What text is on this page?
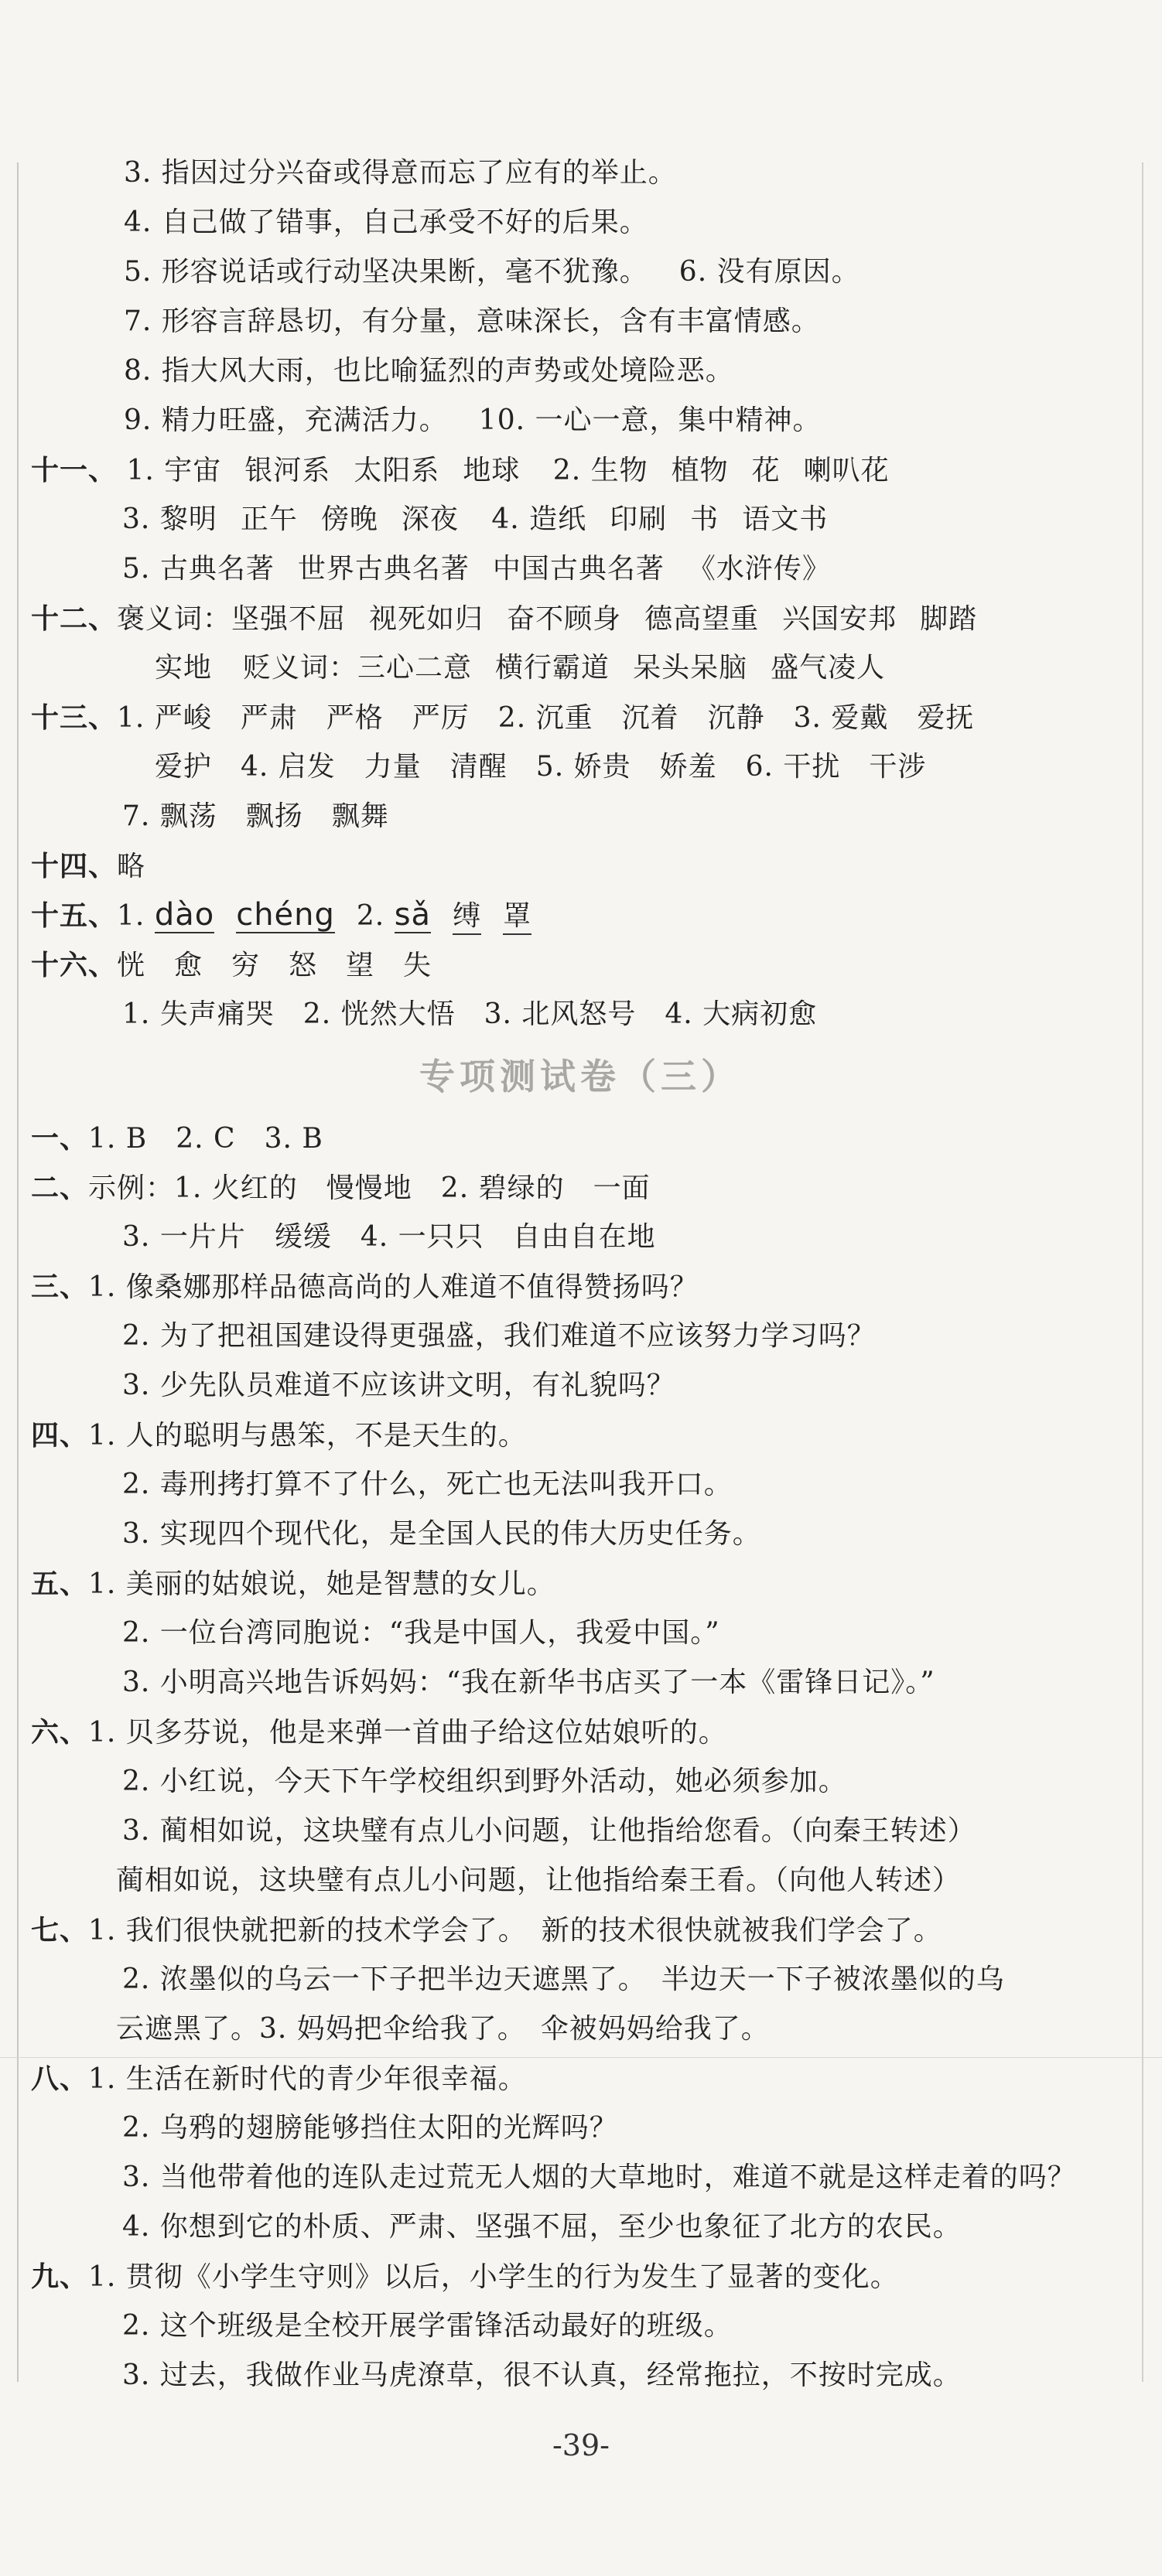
3. 指因过分兴奋或得意而忘了应有的举止。
4. 自己做了错事，自己承受不好的后果。
5. 形容说话或行动坚决果断，毫不犹豫。 6. 没有原因。
7. 形容言辞恳切，有分量，意味深长，含有丰富情感。
8. 指大风大雨，也比喻猛烈的声势或处境险恶。
9. 精力旺盛，充满活力。 10. 一心一意，集中精神。
十一、 1. 宇宙 银河系 太阳系 地球 2. 生物 植物 花 喇叭花
3. 黎明 正午 傍晚 深夜 4. 造纸 印刷 书 语文书
5. 古典名著 世界古典名著 中国古典名著 《水浒传》
十二、褒义词：坚强不屈 视死如归 奋不顾身 德高望重 兴国安邦 脚踏
实地 贬义词：三心二意 横行霸道 呆头呆脑 盛气凌人
十三、1. 严峻　严肃　严格　严厉　2. 沉重　沉着　沉静　3. 爱戴　爱抚
爱护　4. 启发　力量　清醒　5. 娇贵　娇羞　6. 干扰　干涉
7. 飘荡　飘扬　飘舞
十四、略
十五、1. dào chéng 2. sǎ 缚 罩
十六、恍　愈　穷　怒　望　失
1. 失声痛哭　2. 恍然大悟　3. 北风怒号　4. 大病初愈
专项测试卷（三）
一、1. B　2. C　3. B
二、示例：1. 火红的　慢慢地　2. 碧绿的　一面
3. 一片片　缓缓　4. 一只只　自由自在地
三、1. 像桑娜那样品德高尚的人难道不值得赞扬吗？
2. 为了把祖国建设得更强盛，我们难道不应该努力学习吗？
3. 少先队员难道不应该讲文明，有礼貌吗？
四、1. 人的聪明与愚笨，不是天生的。
2. 毒刑拷打算不了什么，死亡也无法叫我开口。
3. 实现四个现代化，是全国人民的伟大历史任务。
五、1. 美丽的姑娘说，她是智慧的女儿。
2. 一位台湾同胞说：“我是中国人，我爱中国。”
3. 小明高兴地告诉妈妈：“我在新华书店买了一本《雷锋日记》。”
六、1. 贝多芬说，他是来弹一首曲子给这位姑娘听的。
2. 小红说，今天下午学校组织到野外活动，她必须参加。
3. 蔺相如说，这块璧有点儿小问题，让他指给您看。（向秦王转述）
蔺相如说，这块璧有点儿小问题，让他指给秦王看。（向他人转述）
七、1. 我们很快就把新的技术学会了。　新的技术很快就被我们学会了。
2. 浓墨似的乌云一下子把半边天遮黑了。　半边天一下子被浓墨似的乌
云遮黑了。3. 妈妈把伞给我了。　伞被妈妈给我了。
八、1. 生活在新时代的青少年很幸福。
2. 乌鸦的翅膀能够挡住太阳的光辉吗？
3. 当他带着他的连队走过荒无人烟的大草地时，难道不就是这样走着的吗？
4. 你想到它的朴质、严肃、坚强不屈，至少也象征了北方的农民。
九、1. 贯彻《小学生守则》以后，小学生的行为发生了显著的变化。
2. 这个班级是全校开展学雷锋活动最好的班级。
3. 过去，我做作业马虎潦草，很不认真，经常拖拉，不按时完成。
-39-
